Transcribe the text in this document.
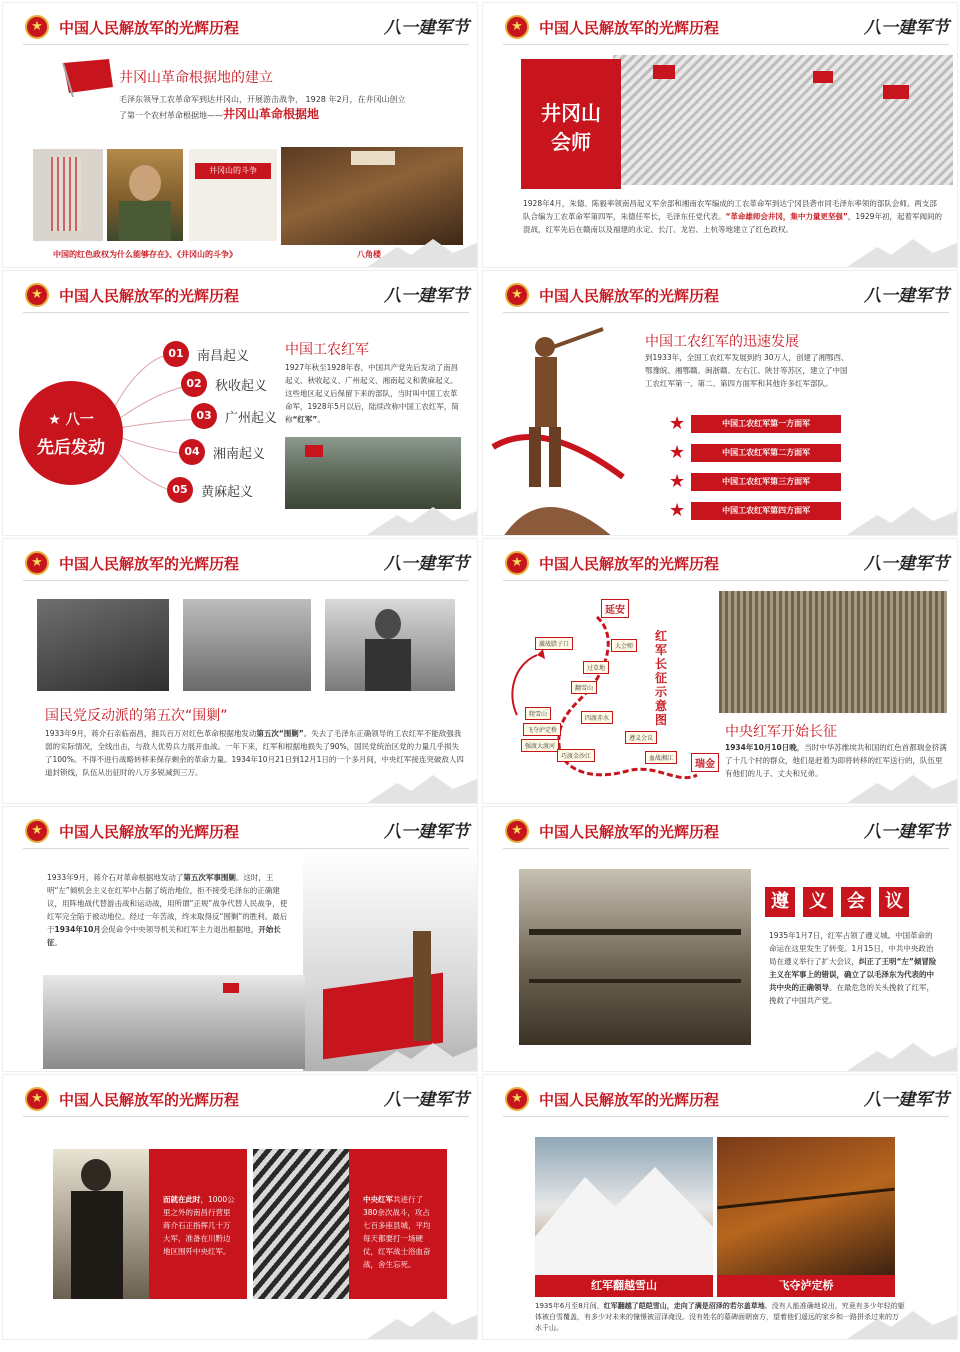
★	中国人民解放军的光辉历程	八一建军节
井冈山革命根据地的建立
毛泽东领导工农革命军到达井冈山，开展游击战争， 1928 年2月，在井冈山创立
了第一个农村革命根据地——井冈山革命根据地
井冈山的斗争
中国的红色政权为什么能够存在》、《井冈山的斗争》	八角楼
★	中国人民解放军的光辉历程	八一建军节
井冈山
会师
1928年4月，朱德、陈毅率领南昌起义军余部和湘南农军编成的工农革命军到达宁冈县砻市同毛泽东率领的部队会师。两支部队合编为工农革命军第四军，朱德任军长，毛泽东任党代表。“革命雄师会井冈，集中力量更坚强”，1929年初，起着军阀间的混战，红军先后在赣南以及福建的永定、长汀、龙岩、上杭等地建立了红色政权。
★	中国人民解放军的光辉历程	八一建军节
★ 八一
先后发动
01 南昌起义
02 秋收起义
03 广州起义
04 湘南起义
05 黄麻起义
中国工农红军
1927年秋至1928年春，中国共产党先后发动了南昌起义、秋收起义、广州起义、湘南起义和黄麻起义。这些地区起义后保留下来的部队，当时叫中国工农革命军，1928年5月以后，陆续改称中国工农红军，简称“红军”。
★	中国人民解放军的光辉历程	八一建军节
中国工农红军的迅速发展
到1933年，全国工农红军发展到约 30万人，创建了湘鄂西、鄂豫皖、湘鄂赣、闽浙赣、左右江、陕甘等苏区，建立了中国工农红军第一、第二、第四方面军和其他许多红军部队。
★	中国工农红军第一方面军
★	中国工农红军第二方面军
★	中国工农红军第三方面军
★	中国工农红军第四方面军
★	中国人民解放军的光辉历程	八一建军节
国民党反动派的第五次“围剿”
1933年9月，蒋介石亲临南昌，拥兵百万对红色革命根据地发动第五次“围剿”。失去了毛泽东正确领导的工农红军不能敌强我弱的实际情况，全线出击，与敌人优势兵力展开血战。一年下来，红军和根据地损失了90%，国民党统治区党的力量几乎损失了100%。不得不进行战略转移来保存剩余的革命力量。1934年10月21日到12月1日的一个多月间，中央红军接连突破敌人四道封锁线，队伍从出征时的八万多锐减到三万。
★	中国人民解放军的光辉历程	八一建军节
延安
激战腊子口	大会师
过草地
翻雪山
爬雪山
飞夺泸定桥
强渡大渡河
四渡赤水
巧渡金沙江
遵义会议
血战湘江
瑞金
红军长征示意图
中央红军开始长征
1934年10月10日晚，当时中华苏维埃共和国的红色首都瑞金挤满了十几个村的群众，他们是赶着为即将转移的红军送行的，队伍里有他们的儿子、丈夫和兄弟。
★	中国人民解放军的光辉历程	八一建军节
1933年9月，蒋介石对革命根据地发动了第五次军事围剿。这时，王明“左”倾机会主义在红军中占据了统治地位，拒不接受毛泽东的正确建议，用阵地战代替游击战和运动战，用所谓“正规”战争代替人民战争，使红军完全陷于被动地位。经过一年苦战，终未取得反“围剿”的胜利。最后于1934年10月会促命令中央领导机关和红军主力退出根据地，开始长征。
★	中国人民解放军的光辉历程	八一建军节
遵 义 会 议
1935年1月7日，红军占领了遵义城。中国革命的命运在这里发生了转变。1月15日，中共中央政治局在遵义举行了扩大会议，纠正了王明“左”倾冒险主义在军事上的错误，确立了以毛泽东为代表的中共中央的正确领导。在最危急的关头挽救了红军，挽救了中国共产党。
★	中国人民解放军的光辉历程	八一建军节
而就在此时，1000公里之外的南昌行营里蒋介石正指挥几十万大军，准备在川黔边地区围歼中央红军。
中央红军共进行了380余次战斗，攻占七百多座县城，平均每天都要打一场硬仗，红军战士浴血奋战，舍生忘死。
★	中国人民解放军的光辉历程	八一建军节
红军翻越雪山	飞夺泸定桥
1935年6月至8月间，红军翻越了皑皑雪山，走向了满是沼泽的若尔盖草地。没有人能准确地说出，究竟有多少年轻的躯体被白雪覆盖，有多少对未来的憧憬被沼泽淹没。没有姓名的墓碑面朝南方，望着他们遥远的家乡和一路拼杀过来的万水千山。
